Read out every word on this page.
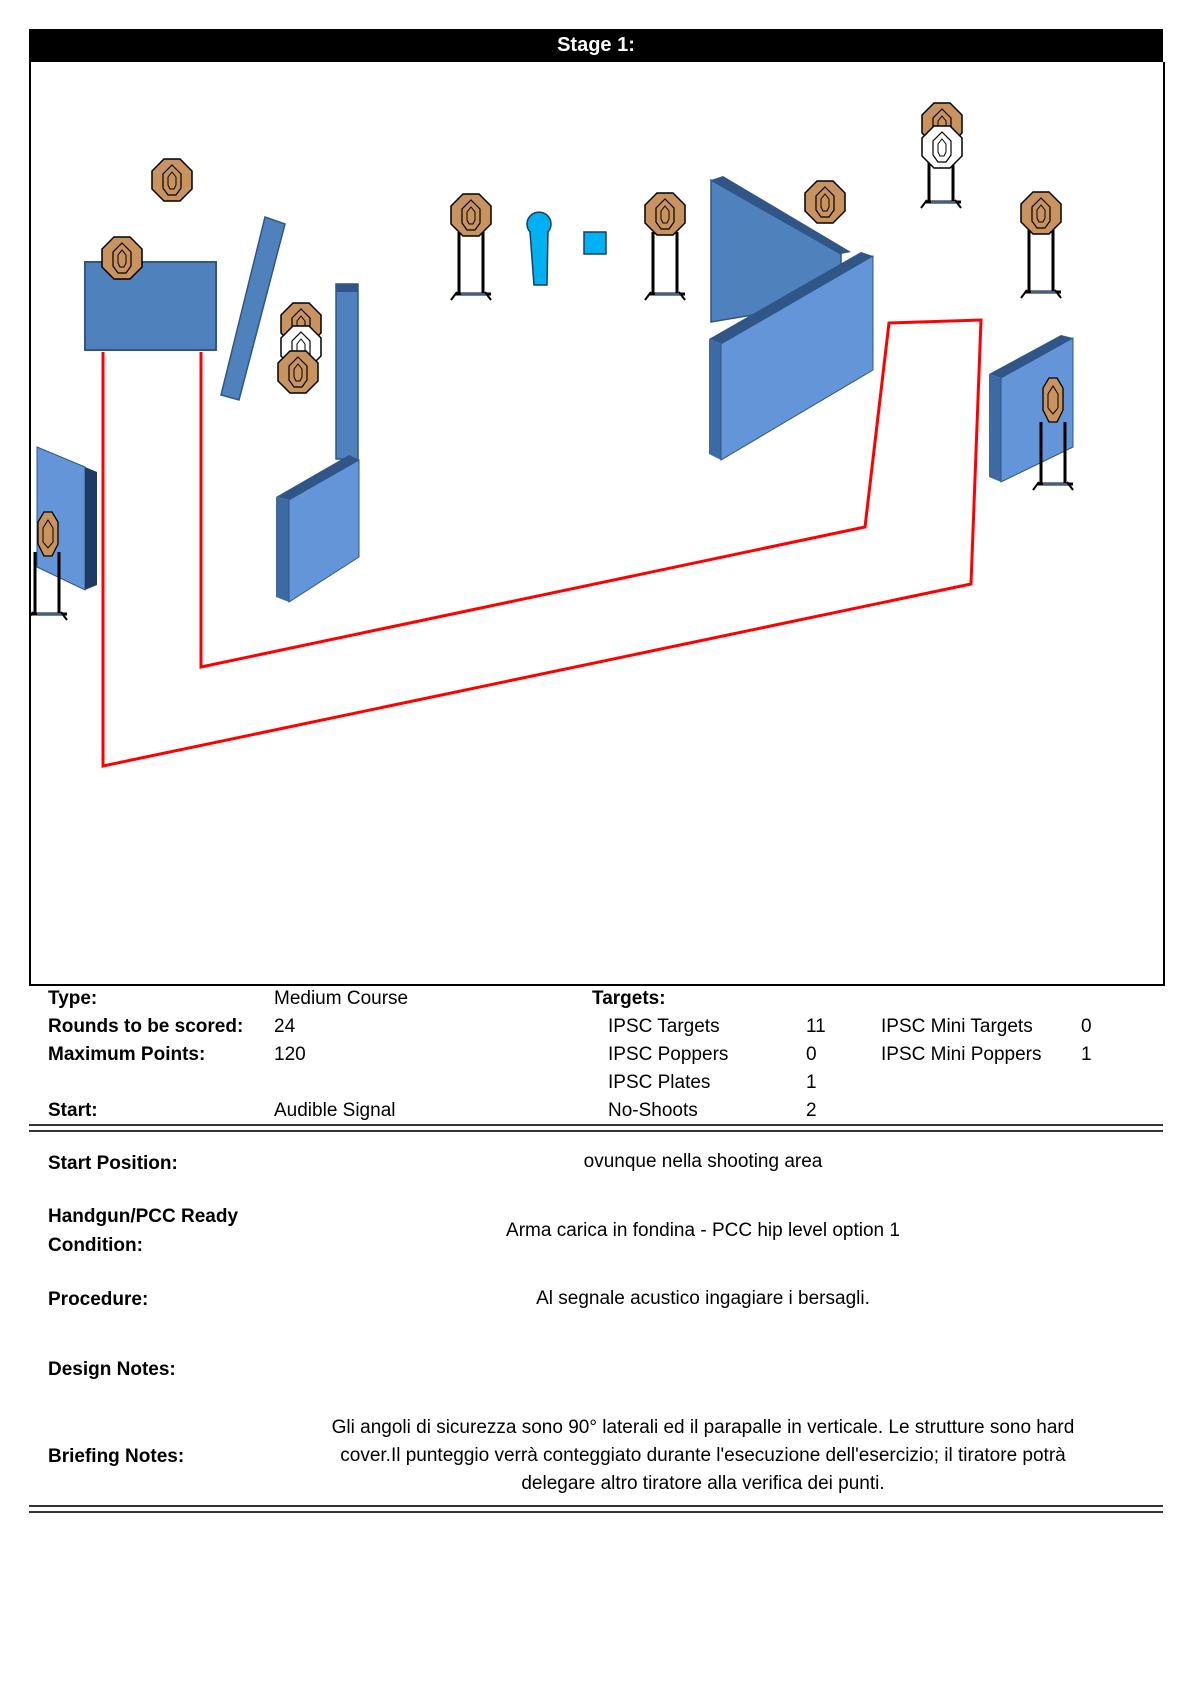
Stage 1:
Type:	Medium Course
Rounds to be scored: 24
Maximum Points:	120
Start:	Audible Signal
Targets:
IPSC Targets	11
IPSC Poppers	0
IPSC Plates	1
No-Shoots	2
IPSC Mini Targets	0
IPSC Mini Poppers 1
Start Position:	ovunque nella shooting area
Handgun/PCC Ready
Condition:
Arma carica in fondina - PCC hip level option 1
Procedure:	Al segnale acustico ingagiare i bersagli.
Design Notes:
Briefing Notes:
Gli angoli di sicurezza sono 90° laterali ed il parapalle in verticale. Le strutture sono hard
cover.Il punteggio verrà conteggiato durante l'esecuzione dell'esercizio; il tiratore potrà
delegare altro tiratore alla verifica dei punti.
